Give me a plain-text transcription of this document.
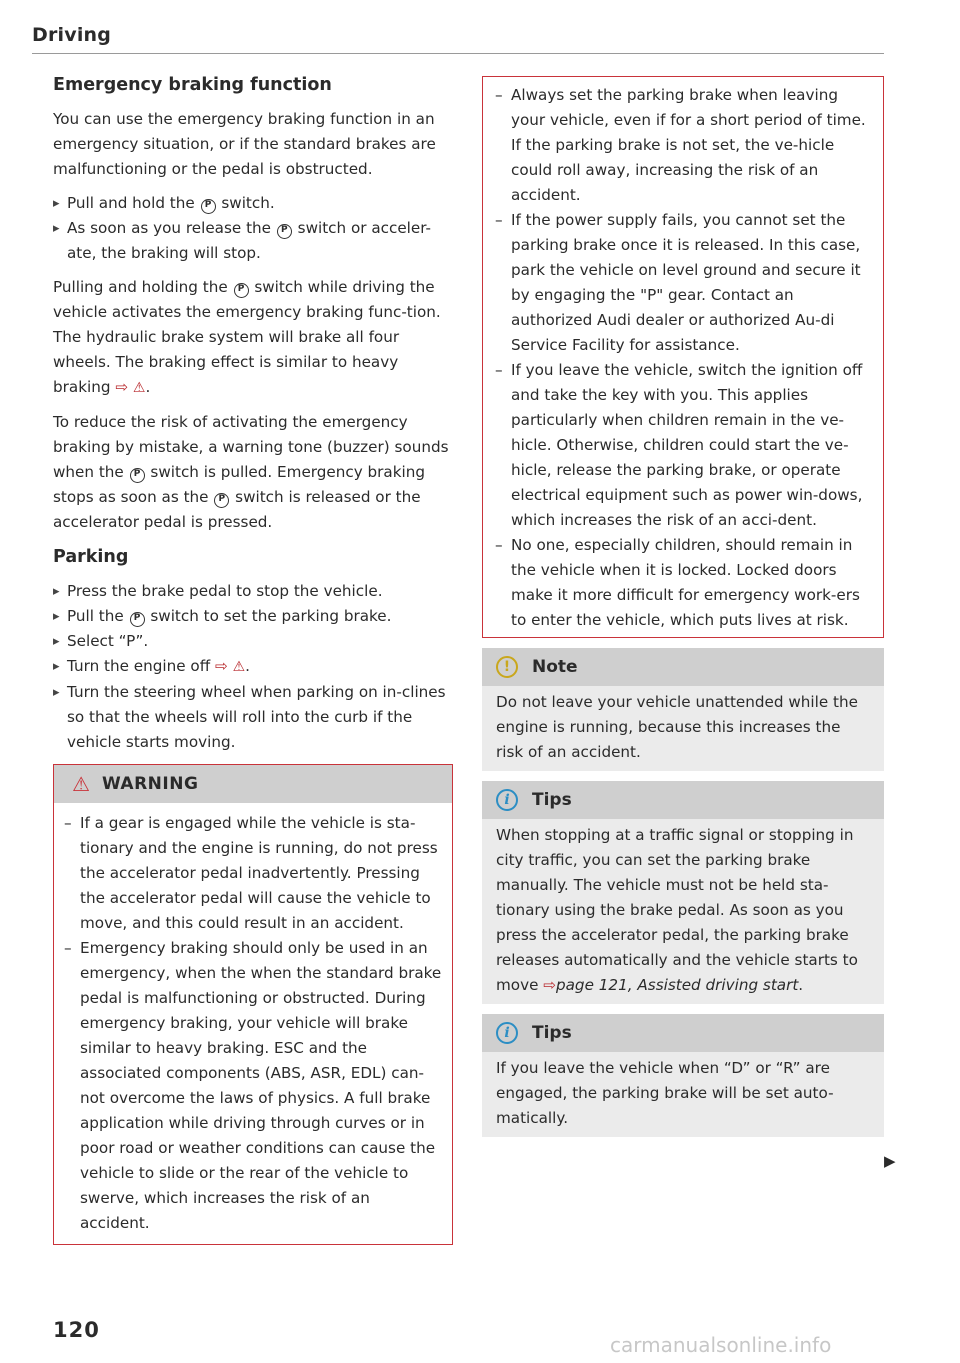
Driving
Emergency braking function

You can use the emergency braking function in an emergency situation, or if the standard brakes are malfunctioning or the pedal is obstructed.

▸ Pull and hold the P switch.
▸ As soon as you release the P switch or acceler-ate, the braking will stop.

Pulling and holding the P switch while driving the vehicle activates the emergency braking func-tion. The hydraulic brake system will brake all four wheels. The braking effect is similar to heavy braking ⇨ ⚠.

To reduce the risk of activating the emergency braking by mistake, a warning tone (buzzer) sounds when the P switch is pulled. Emergency braking stops as soon as the P switch is released or the accelerator pedal is pressed.

Parking
▸ Press the brake pedal to stop the vehicle.
▸ Pull the P switch to set the parking brake.
▸ Select “P”.
▸ Turn the engine off ⇨ ⚠.
▸ Turn the steering wheel when parking on in-clines so that the wheels will roll into the curb if the vehicle starts moving.
⚠ WARNING
– If a gear is engaged while the vehicle is sta-tionary and the engine is running, do not press the accelerator pedal inadvertently. Pressing the accelerator pedal will cause the vehicle to move, and this could result in an accident.
– Emergency braking should only be used in an emergency, when the when the standard brake pedal is malfunctioning or obstructed. During emergency braking, your vehicle will brake similar to heavy braking. ESC and the associated components (ABS, ASR, EDL) can-not overcome the laws of physics. A full brake application while driving through curves or in poor road or weather conditions can cause the vehicle to slide or the rear of the vehicle to swerve, which increases the risk of an accident.
– Always set the parking brake when leaving your vehicle, even if for a short period of time. If the parking brake is not set, the ve-hicle could roll away, increasing the risk of an accident.
– If the power supply fails, you cannot set the parking brake once it is released. In this case, park the vehicle on level ground and secure it by engaging the "P" gear. Contact an authorized Audi dealer or authorized Au-di Service Facility for assistance.
– If you leave the vehicle, switch the ignition off and take the key with you. This applies particularly when children remain in the ve-hicle. Otherwise, children could start the ve-hicle, release the parking brake, or operate electrical equipment such as power win-dows, which increases the risk of an acci-dent.
– No one, especially children, should remain in the vehicle when it is locked. Locked doors make it more difficult for emergency work-ers to enter the vehicle, which puts lives at risk.
!	Note

Do not leave your vehicle unattended while the engine is running, because this increases the risk of an accident.

i	Tips

When stopping at a traffic signal or stopping in city traffic, you can set the parking brake manually. The vehicle must not be held sta-tionary using the brake pedal. As soon as you press the accelerator pedal, the parking brake releases automatically and the vehicle starts to move ⇨page 121, Assisted driving start.

i	Tips

If you leave the vehicle when “D” or “R” are engaged, the parking brake will be set auto-matically.

▶
120
carmanualsonline.info
